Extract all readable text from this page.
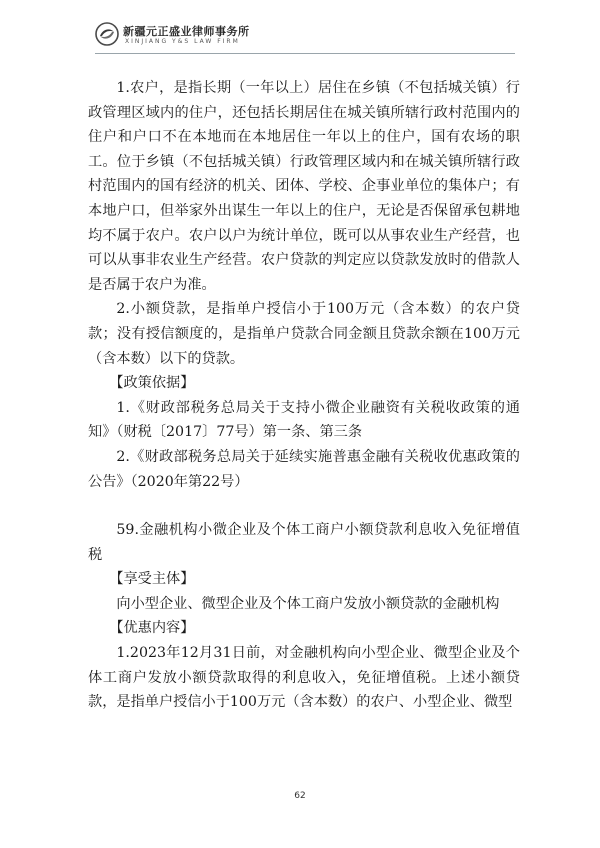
新疆元正盛业律师事务所
XINJIANG Y&S LAW FIRM

1.农户，是指长期（一年以上）居住在乡镇（不包括城关镇）行政管理区域内的住户，还包括长期居住在城关镇所辖行政村范围内的住户和户口不在本地而在本地居住一年以上的住户，国有农场的职工。位于乡镇（不包括城关镇）行政管理区域内和在城关镇所辖行政村范围内的国有经济的机关、团体、学校、企事业单位的集体户；有本地户口，但举家外出谋生一年以上的住户，无论是否保留承包耕地均不属于农户。农户以户为统计单位，既可以从事农业生产经营，也可以从事非农业生产经营。农户贷款的判定应以贷款发放时的借款人是否属于农户为准。

2.小额贷款，是指单户授信小于100万元（含本数）的农户贷款；没有授信额度的，是指单户贷款合同金额且贷款余额在100万元（含本数）以下的贷款。

【政策依据】

1.《财政部税务总局关于支持小微企业融资有关税收政策的通知》（财税〔2017〕77号）第一条、第三条

2.《财政部税务总局关于延续实施普惠金融有关税收优惠政策的公告》（2020年第22号）

59.金融机构小微企业及个体工商户小额贷款利息收入免征增值税

【享受主体】

向小型企业、微型企业及个体工商户发放小额贷款的金融机构

【优惠内容】

1.2023年12月31日前，对金融机构向小型企业、微型企业及个体工商户发放小额贷款取得的利息收入，免征增值税。上述小额贷款，是指单户授信小于100万元（含本数）的农户、小型企业、微型

62
